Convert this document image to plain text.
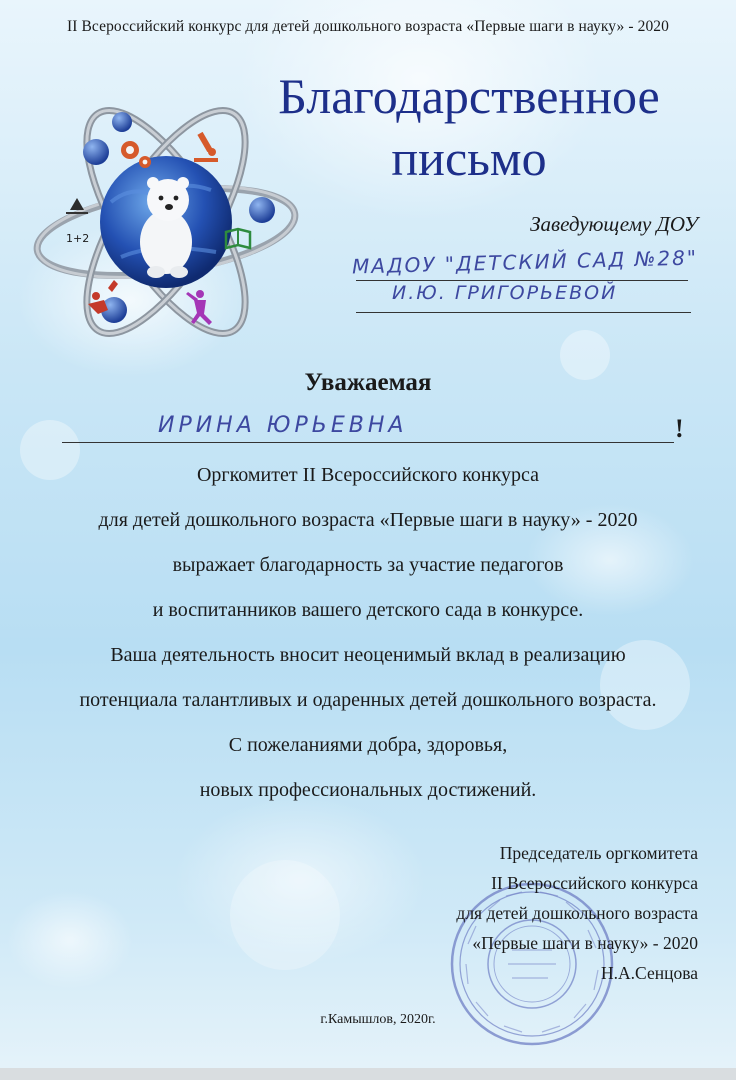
II Всероссийский конкурс для детей дошкольного возраста «Первые шаги в науку» - 2020
1+2
Благодарственное
письмо
Заведующему ДОУ
МАДОУ "ДЕТСКИЙ САД №28"
И.Ю. ГРИГОРЬЕВОЙ
Уважаемая
ИРИНА ЮРЬЕВНА	!
Оргкомитет II Всероссийского конкурса
для детей дошкольного возраста «Первые шаги в науку» - 2020
выражает благодарность за участие педагогов
и воспитанников вашего детского сада в конкурсе.
Ваша деятельность вносит неоценимый вклад в реализацию
потенциала талантливых и одаренных детей дошкольного возраста.
С пожеланиями добра, здоровья,
новых профессиональных достижений.
Председатель оргкомитета
II Всероссийского конкурса
для детей дошкольного возраста
«Первые шаги в науку» - 2020
Н.А.Сенцова
г.Камышлов, 2020г.
